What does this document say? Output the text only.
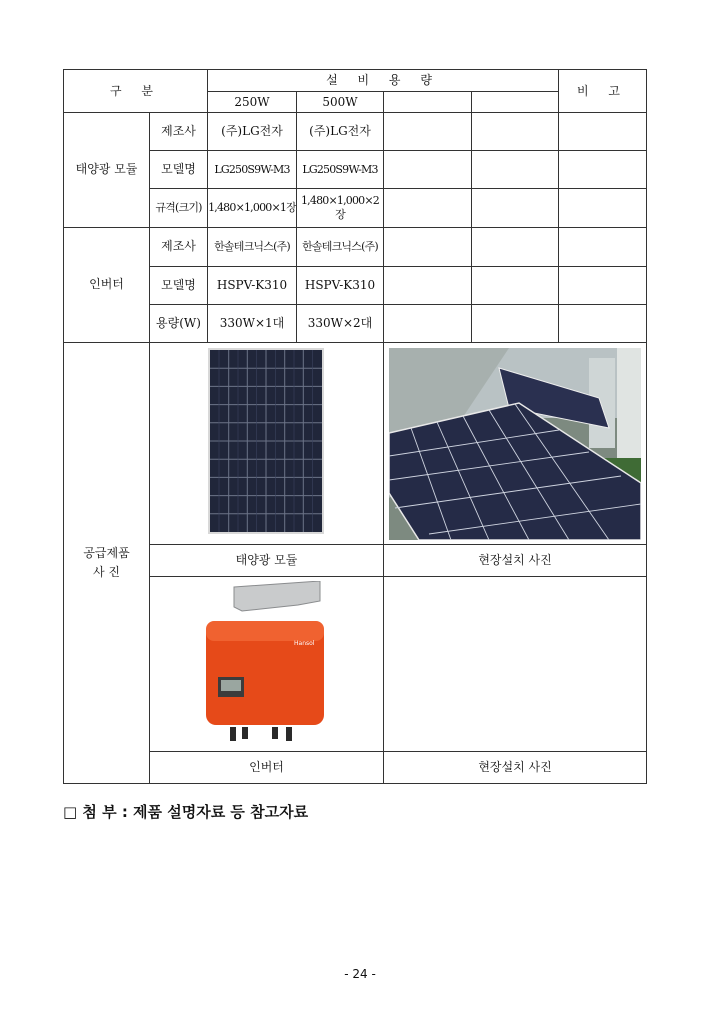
구 분		설 비 용 량				비 고
		250W	500W			
태양광 모듈	제조사	(주)LG전자	(주)LG전자			
	모델명	LG250S9W-M3	LG250S9W-M3			
	규격(크기)	1,480×1,000×1장	1,480×1,000×2장			
인버터	제조사	한솔테크닉스(주)	한솔테크닉스(주)			
	모델명	HSPV-K310	HSPV-K310			
	용량(W)	330W×1대	330W×2대			

공급제품
사 진

	태양광 모듈			현장설치 사진		

Hansol					

	인버터			현장설치 사진		
□ 첨 부 : 제품 설명자료 등 참고자료
- 24 -
